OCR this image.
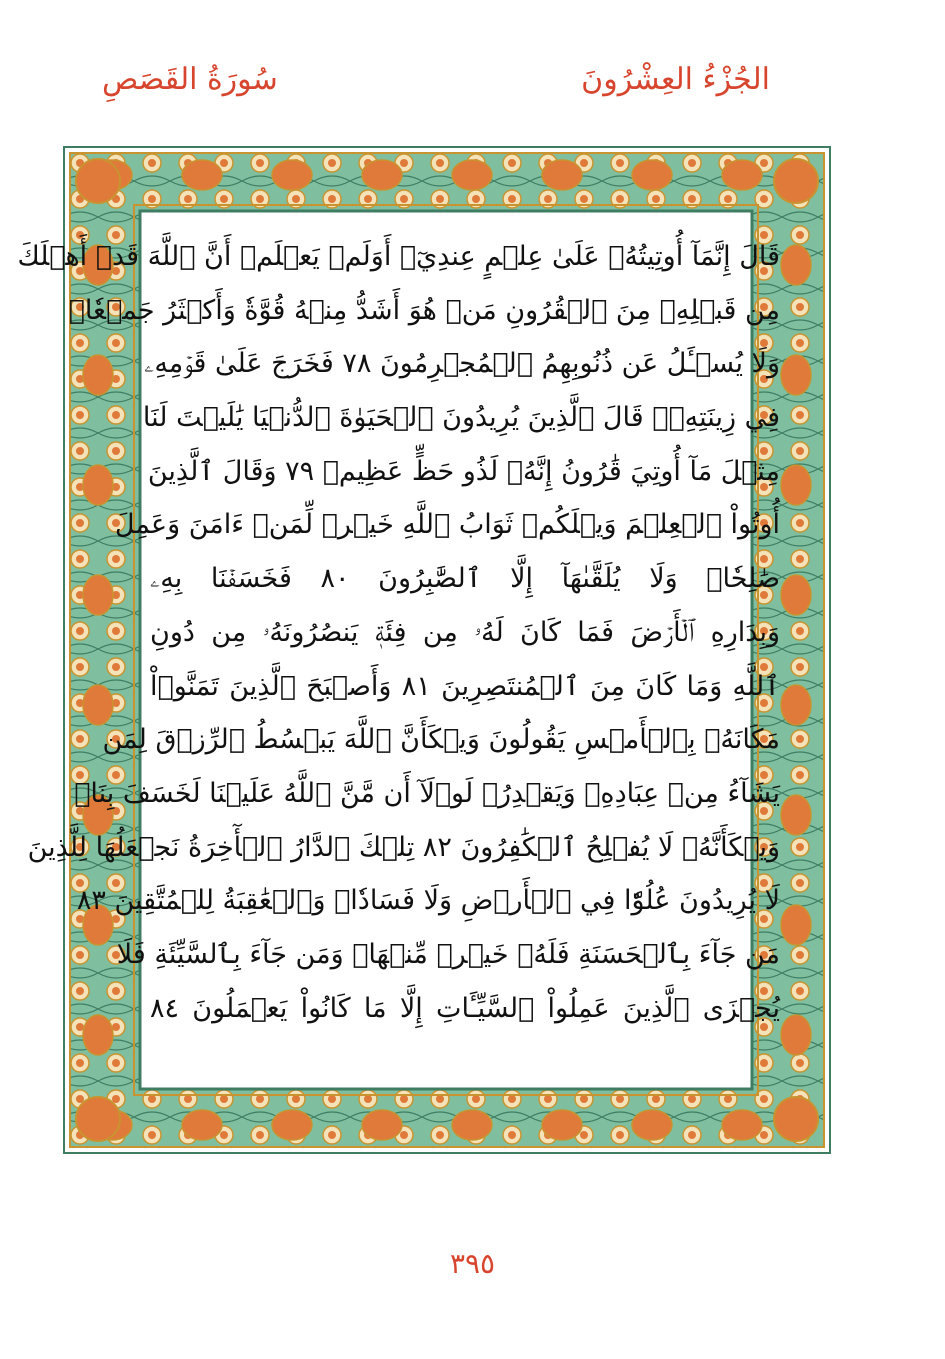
الجُزْءُ العِشْرُونَ
سُورَةُ القَصَصِ
قَالَ إِنَّمَآ أُوتِيتُهُۥ عَلَىٰ عِلۡمٍ عِندِيٓۚ أَوَلَمۡ يَعۡلَمۡ أَنَّ ٱللَّهَ قَدۡ أَهۡلَكَ
مِن قَبۡلِهِۦ مِنَ ٱلۡقُرُونِ مَنۡ هُوَ أَشَدُّ مِنۡهُ قُوَّةٗ وَأَكۡثَرُ جَمۡعٗاۚ
وَلَا يُسۡـَٔلُ عَن ذُنُوبِهِمُ ٱلۡمُجۡرِمُونَ ٧٨ فَخَرَجَ عَلَىٰ قَوۡمِهِۦ
فِي زِينَتِهِۦۖ قَالَ ٱلَّذِينَ يُرِيدُونَ ٱلۡحَيَوٰةَ ٱلدُّنۡيَا يَٰلَيۡتَ لَنَا
مِثۡلَ مَآ أُوتِيَ قَٰرُونُ إِنَّهُۥ لَذُو حَظٍّ عَظِيمٖ ٧٩ وَقَالَ ٱلَّذِينَ
أُوتُواْ ٱلۡعِلۡمَ وَيۡلَكُمۡ ثَوَابُ ٱللَّهِ خَيۡرٞ لِّمَنۡ ءَامَنَ وَعَمِلَ
صَٰلِحٗاۚ وَلَا يُلَقَّىٰهَآ إِلَّا ٱلصَّٰبِرُونَ ٨٠ فَخَسَفۡنَا بِهِۦ
وَبِدَارِهِ ٱلۡأَرۡضَ فَمَا كَانَ لَهُۥ مِن فِئَةٖ يَنصُرُونَهُۥ مِن دُونِ
ٱللَّهِ وَمَا كَانَ مِنَ ٱلۡمُنتَصِرِينَ ٨١ وَأَصۡبَحَ ٱلَّذِينَ تَمَنَّوۡاْ
مَكَانَهُۥ بِٱلۡأَمۡسِ يَقُولُونَ وَيۡكَأَنَّ ٱللَّهَ يَبۡسُطُ ٱلرِّزۡقَ لِمَن
يَشَآءُ مِنۡ عِبَادِهِۦ وَيَقۡدِرُۖ لَوۡلَآ أَن مَّنَّ ٱللَّهُ عَلَيۡنَا لَخَسَفَ بِنَاۖ
وَيۡكَأَنَّهُۥ لَا يُفۡلِحُ ٱلۡكَٰفِرُونَ ٨٢ تِلۡكَ ٱلدَّارُ ٱلۡأٓخِرَةُ نَجۡعَلُهَا لِلَّذِينَ
لَا يُرِيدُونَ عُلُوّٗا فِي ٱلۡأَرۡضِ وَلَا فَسَادٗاۚ وَٱلۡعَٰقِبَةُ لِلۡمُتَّقِينَ ٨٣
مَن جَآءَ بِٱلۡحَسَنَةِ فَلَهُۥ خَيۡرٞ مِّنۡهَاۖ وَمَن جَآءَ بِٱلسَّيِّئَةِ فَلَا
يُجۡزَى ٱلَّذِينَ عَمِلُواْ ٱلسَّيِّـَٔاتِ إِلَّا مَا كَانُواْ يَعۡمَلُونَ ٨٤
٣٩٥
